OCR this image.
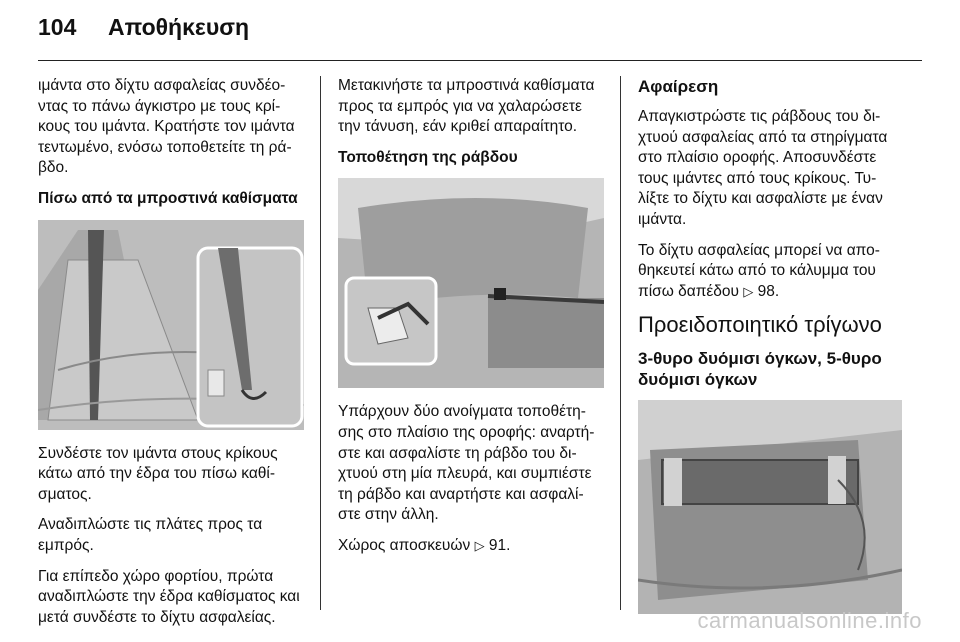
104 Αποθήκευση

ιμάντα στο δίχτυ ασφαλείας συνδέο-ντας το πάνω άγκιστρο με τους κρί-κους του ιμάντα. Κρατήστε τον ιμάντα τεντωμένο, ενόσω τοποθετείτε τη ρά-βδο.

Πίσω από τα μπροστινά καθίσματα

Συνδέστε τον ιμάντα στους κρίκους κάτω από την έδρα του πίσω καθί-σματος.

Αναδιπλώστε τις πλάτες προς τα εμπρός.

Για επίπεδο χώρο φορτίου, πρώτα αναδιπλώστε την έδρα καθίσματος και μετά συνδέστε το δίχτυ ασφαλείας.

Μετακινήστε τα μπροστινά καθίσματα προς τα εμπρός για να χαλαρώσετε την τάνυση, εάν κριθεί απαραίτητο.

Τοποθέτηση της ράβδου

Υπάρχουν δύο ανοίγματα τοποθέτη-σης στο πλαίσιο της οροφής: αναρτή-στε και ασφαλίστε τη ράβδο του δι-χτυού στη μία πλευρά, και συμπιέστε τη ράβδο και αναρτήστε και ασφαλί-στε στην άλλη.

Χώρος αποσκευών ▷ 91.

Αφαίρεση

Απαγκιστρώστε τις ράβδους του δι-χτυού ασφαλείας από τα στηρίγματα στο πλαίσιο οροφής. Αποσυνδέστε τους ιμάντες από τους κρίκους. Τυ-λίξτε το δίχτυ και ασφαλίστε με έναν ιμάντα.

Το δίχτυ ασφαλείας μπορεί να απο-θηκευτεί κάτω από το κάλυμμα του πίσω δαπέδου ▷ 98.

Προειδοποιητικό τρίγωνο

3-θυρο δυόμισι όγκων, 5-θυρο
δυόμισι όγκων

carmanualsonline.info
